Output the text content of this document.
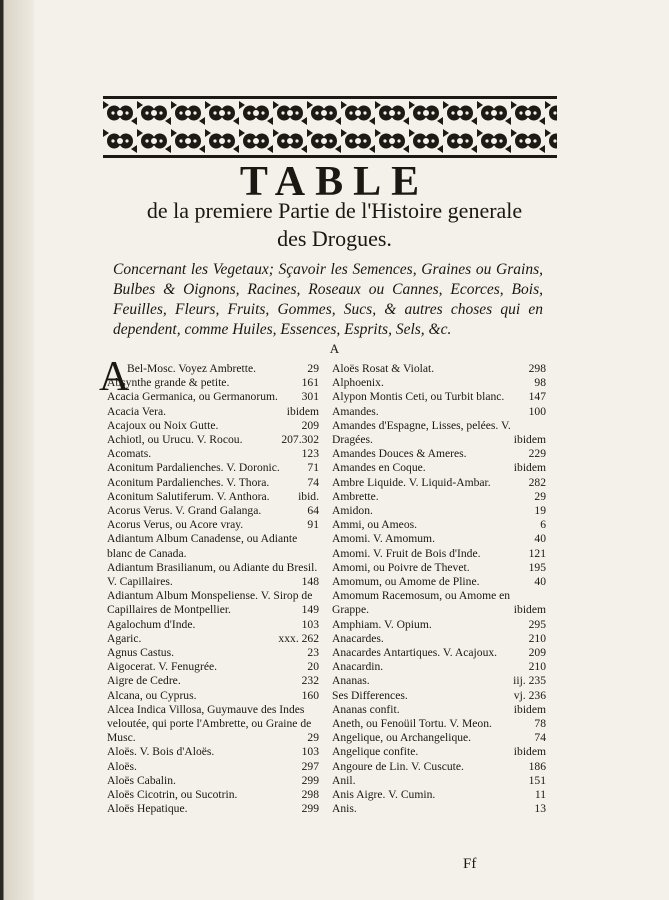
TABLE
de la premiere Partie de l'Histoire generale
des Drogues.
Concernant les Vegetaux; Sçavoir les Semences, Graines ou Grains, Bulbes & Oignons, Racines, Roseaux ou Cannes, Ecorces, Bois, Feuilles, Fleurs, Fruits, Gommes, Sucs, & autres choses qui en dependent, comme Huiles, Essences, Esprits, Sels, &c.
A
A
Bel-Mosc. Voyez Ambrette.	29
Absynthe grande & petite.	161
Acacia Germanica, ou Germanorum. 301
Acacia Vera.	ibidem
Acajoux ou Noix Gutte.	209
Achiotl, ou Urucu. V. Rocou.	207.302
Acomats.	123
Aconitum Pardalienches. V. Doronic. 71
Aconitum Pardalienches. V. Thora.	74
Aconitum Salutiferum. V. Anthora. ibid.
Acorus Verus. V. Grand Galanga.	64
Acorus Verus, ou Acore vray.	91
Adiantum Album Canadense, ou Adiante blanc de Canada.
Adiantum Brasilianum, ou Adiante du Bresil. V. Capillaires.	148
Adiantum Album Monspeliense. V. Sirop de Capillaires de Montpellier.	149
Agalochum d'Inde.	103
Agaric.	xxx. 262
Agnus Castus.	23
Aigocerat. V. Fenugrée.	20
Aigre de Cedre.	232
Alcana, ou Cyprus.	160
Alcea Indica Villosa, Guymauve des Indes veloutée, qui porte l'Ambrette, ou Graine de Musc.	29
Aloës. V. Bois d'Aloës.	103
Aloës.	297
Aloës Cabalin.	299
Aloës Cicotrin, ou Sucotrin.	298
Aloës Hepatique.	299
Aloës Rosat & Violat.	298
Alphoenix.	98
Alypon Montis Ceti, ou Turbit blanc. 147
Amandes.	100
Amandes d'Espagne, Lisses, pelées. V. Dragées.	ibidem
Amandes Douces & Ameres.	229
Amandes en Coque.	ibidem
Ambre Liquide. V. Liquid-Ambar.	282
Ambrette.	29
Amidon.	19
Ammi, ou Ameos.	6
Amomi. V. Amomum.	40
Amomi. V. Fruit de Bois d'Inde.	121
Amomi, ou Poivre de Thevet.	195
Amomum, ou Amome de Pline.	40
Amomum Racemosum, ou Amome en Grappe.	ibidem
Amphiam. V. Opium.	295
Anacardes.	210
Anacardes Antartiques. V. Acajoux.	209
Anacardin.	210
Ananas.	iij. 235
Ses Differences.	vj. 236
Ananas confit.	ibidem
Aneth, ou Fenoüil Tortu. V. Meon.	78
Angelique, ou Archangelique.	74
Angelique confite.	ibidem
Angoure de Lin. V. Cuscute.	186
Anil.	151
Anis Aigre. V. Cumin.	11
Anis.	13
Ff
